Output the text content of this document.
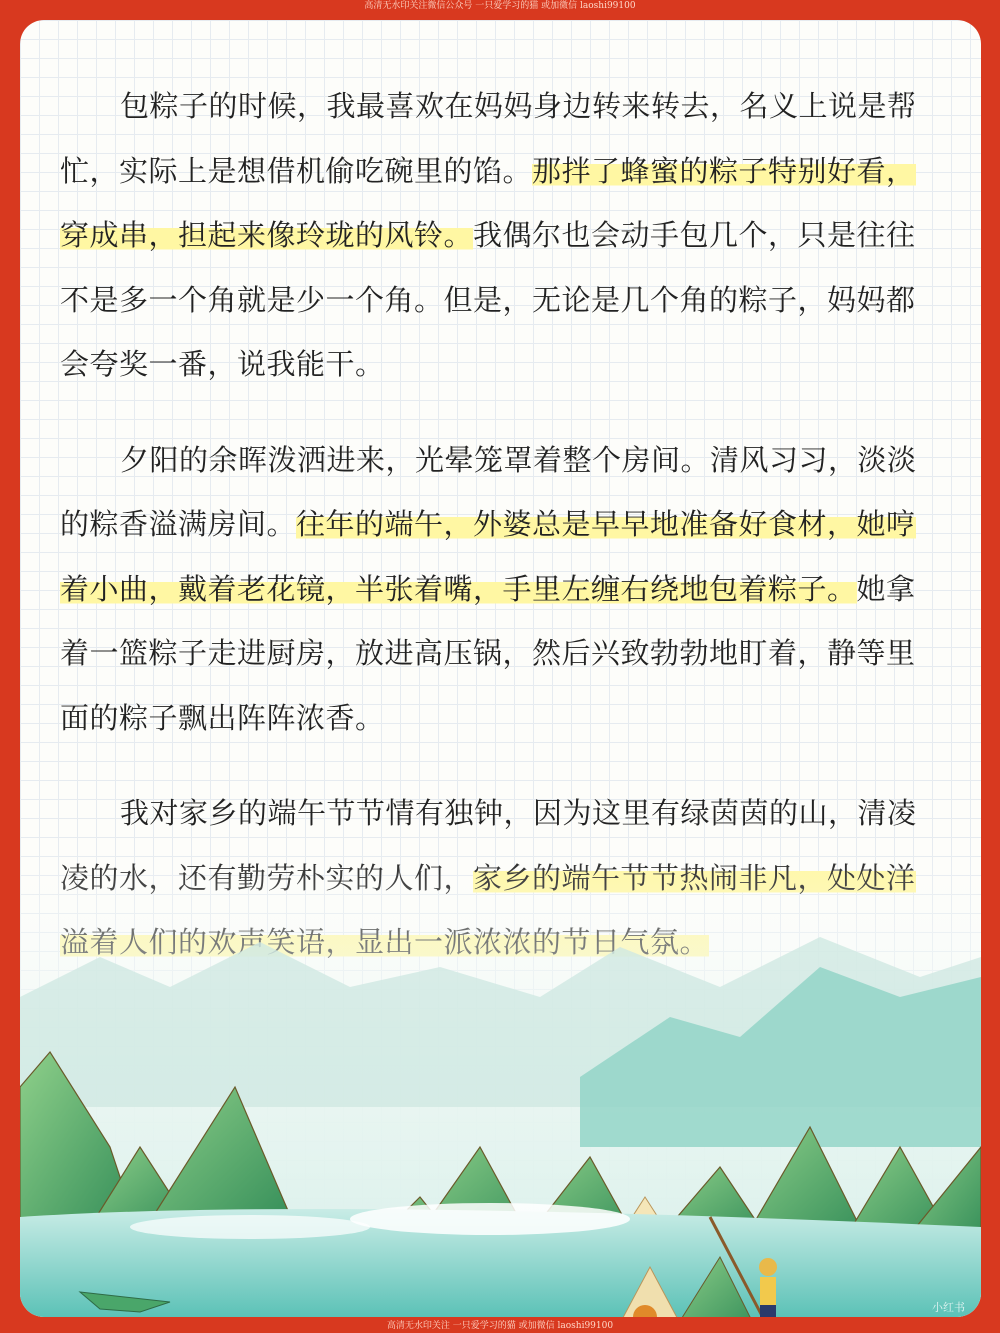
高清无水印关注微信公众号 一只爱学习的猫 或加微信 laoshi99100

包粽子的时候，我最喜欢在妈妈身边转来转去，名义上说是帮忙，实际上是想借机偷吃碗里的馅。那拌了蜂蜜的粽子特别好看，穿成串，担起来像玲珑的风铃。我偶尔也会动手包几个，只是往往不是多一个角就是少一个角。但是，无论是几个角的粽子，妈妈都会夸奖一番，说我能干。

夕阳的余晖泼洒进来，光晕笼罩着整个房间。清风习习，淡淡的粽香溢满房间。往年的端午，外婆总是早早地准备好食材，她哼着小曲，戴着老花镜，半张着嘴，手里左缠右绕地包着粽子。她拿着一篮粽子走进厨房，放进高压锅，然后兴致勃勃地盯着，静等里面的粽子飘出阵阵浓香。

我对家乡的端午节节情有独钟，因为这里有绿茵茵的山，清凌

小红书
高清无水印关注 一只爱学习的猫 或加微信 laoshi99100
